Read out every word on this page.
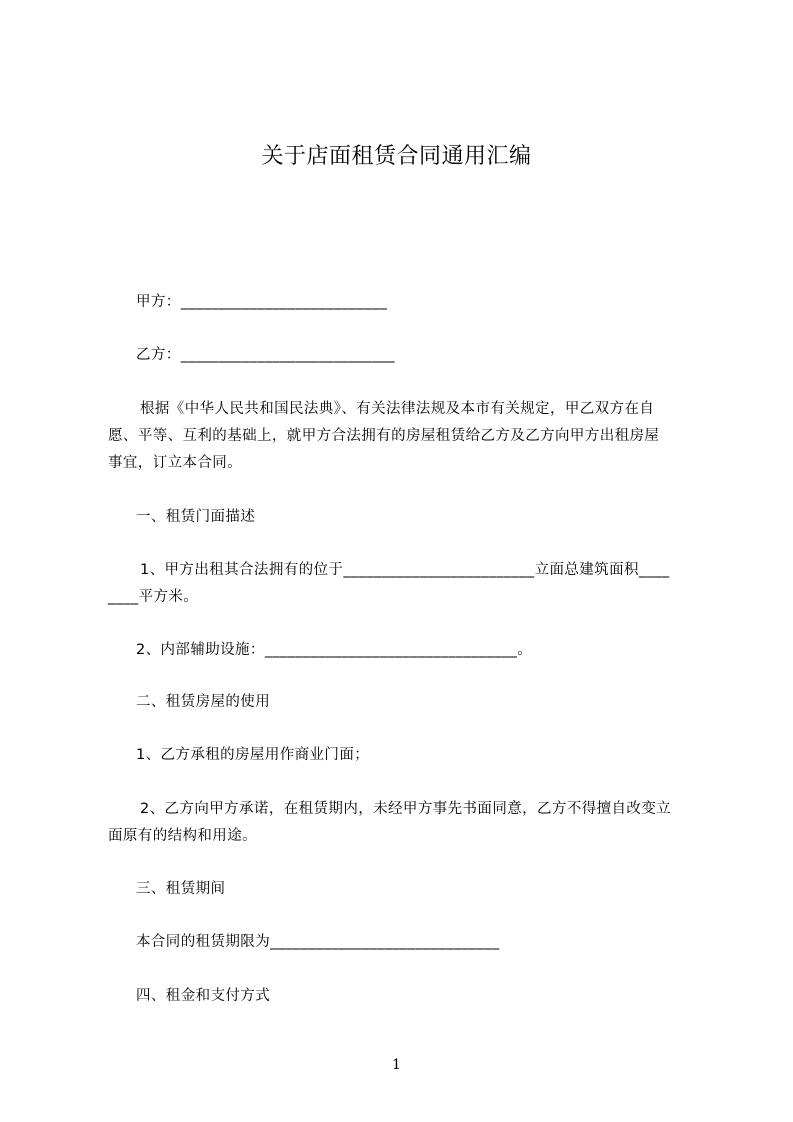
关于店面租赁合同通用汇编
甲方：___________________________
乙方：____________________________
根据《中华人民共和国民法典》、有关法律法规及本市有关规定，甲乙双方在自
愿、平等、互利的基础上，就甲方合法拥有的房屋租赁给乙方及乙方向甲方出租房屋
事宜，订立本合同。
一、租赁门面描述
1、甲方出租其合法拥有的位于_________________________立面总建筑面积____
____平方米。
2、内部辅助设施：_________________________________。
二、租赁房屋的使用
1、乙方承租的房屋用作商业门面；
2、乙方向甲方承诺，在租赁期内，未经甲方事先书面同意，乙方不得擅自改变立
面原有的结构和用途。
三、租赁期间
本合同的租赁期限为______________________________
四、租金和支付方式
1
